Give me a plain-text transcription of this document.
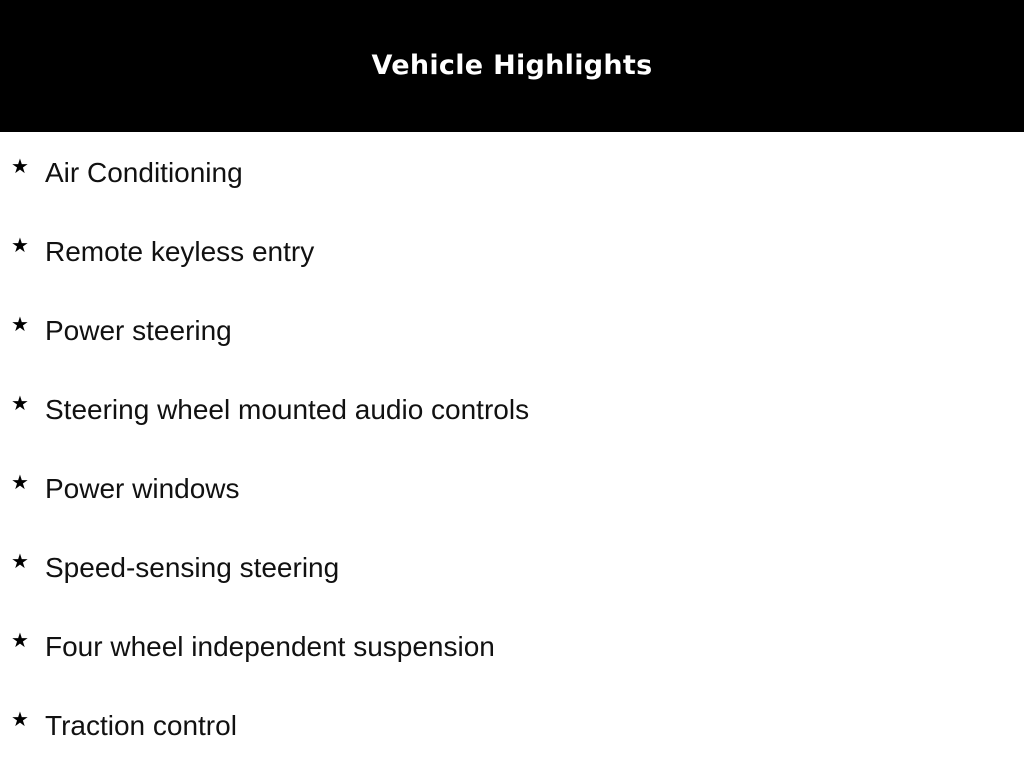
Vehicle Highlights
★ Air Conditioning
★ Remote keyless entry
★ Power steering
★ Steering wheel mounted audio controls
★ Power windows
★ Speed-sensing steering
★ Four wheel independent suspension
★ Traction control
